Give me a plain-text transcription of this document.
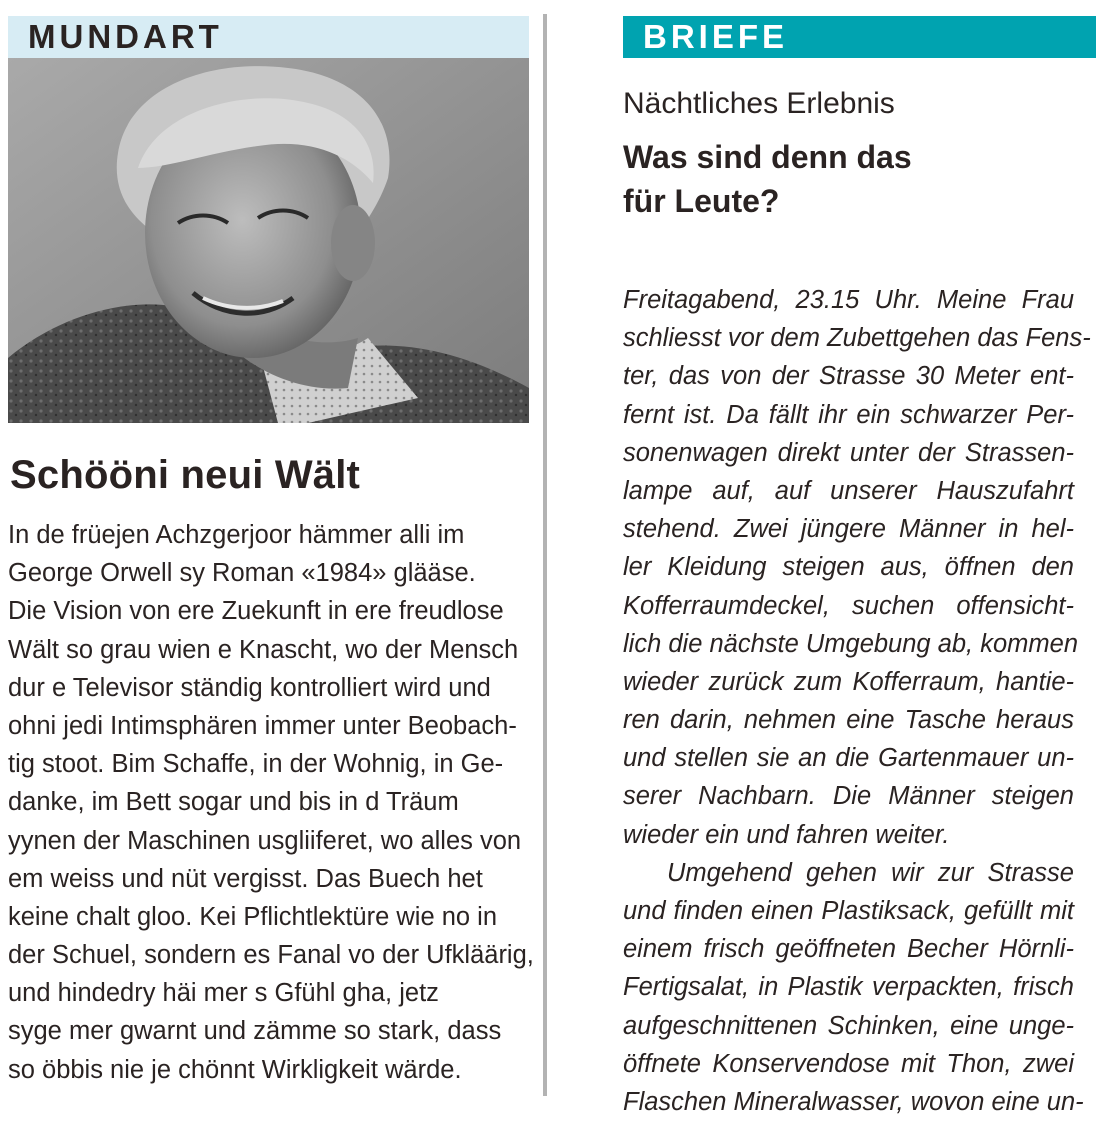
MUNDART
Schööni neui Wält
In de früejen Achzgerjoor hämmer alli im
George Orwell sy Roman «1984» glääse.
Die Vision von ere Zuekunft in ere freudlose
Wält so grau wien e Knascht, wo der Mensch
dur e Televisor ständig kontrolliert wird und
ohni jedi Intimsphären immer unter Beobach-
tig stoot. Bim Schaffe, in der Wohnig, in Ge-
danke, im Bett sogar und bis in d Träum
yynen der Maschinen usgliiferet, wo alles von
em weiss und nüt vergisst. Das Buech het
keine chalt gloo. Kei Pflichtlektüre wie no in
der Schuel, sondern es Fanal vo der Ufkläärig,
und hindedry häi mer s Gfühl gha, jetz
syge mer gwarnt und zämme so stark, dass
so öbbis nie je chönnt Wirkligkeit wärde.
BRIEFE
Nächtliches Erlebnis
Was sind denn das
für Leute?
Freitagabend, 23.15 Uhr. Meine Frau
schliesst vor dem Zubettgehen das Fens-
ter, das von der Strasse 30 Meter ent-
fernt ist. Da fällt ihr ein schwarzer Per-
sonenwagen direkt unter der Strassen-
lampe auf, auf unserer Hauszufahrt
stehend. Zwei jüngere Männer in hel-
ler Kleidung steigen aus, öffnen den
Kofferraumdeckel, suchen offensicht-
lich die nächste Umgebung ab, kommen
wieder zurück zum Kofferraum, hantie-
ren darin, nehmen eine Tasche heraus
und stellen sie an die Gartenmauer un-
serer Nachbarn. Die Männer steigen
wieder ein und fahren weiter.
Umgehend gehen wir zur Strasse
und finden einen Plastiksack, gefüllt mit
einem frisch geöffneten Becher Hörnli-
Fertigsalat, in Plastik verpackten, frisch
aufgeschnittenen Schinken, eine unge-
öffnete Konservendose mit Thon, zwei
Flaschen Mineralwasser, wovon eine un-
